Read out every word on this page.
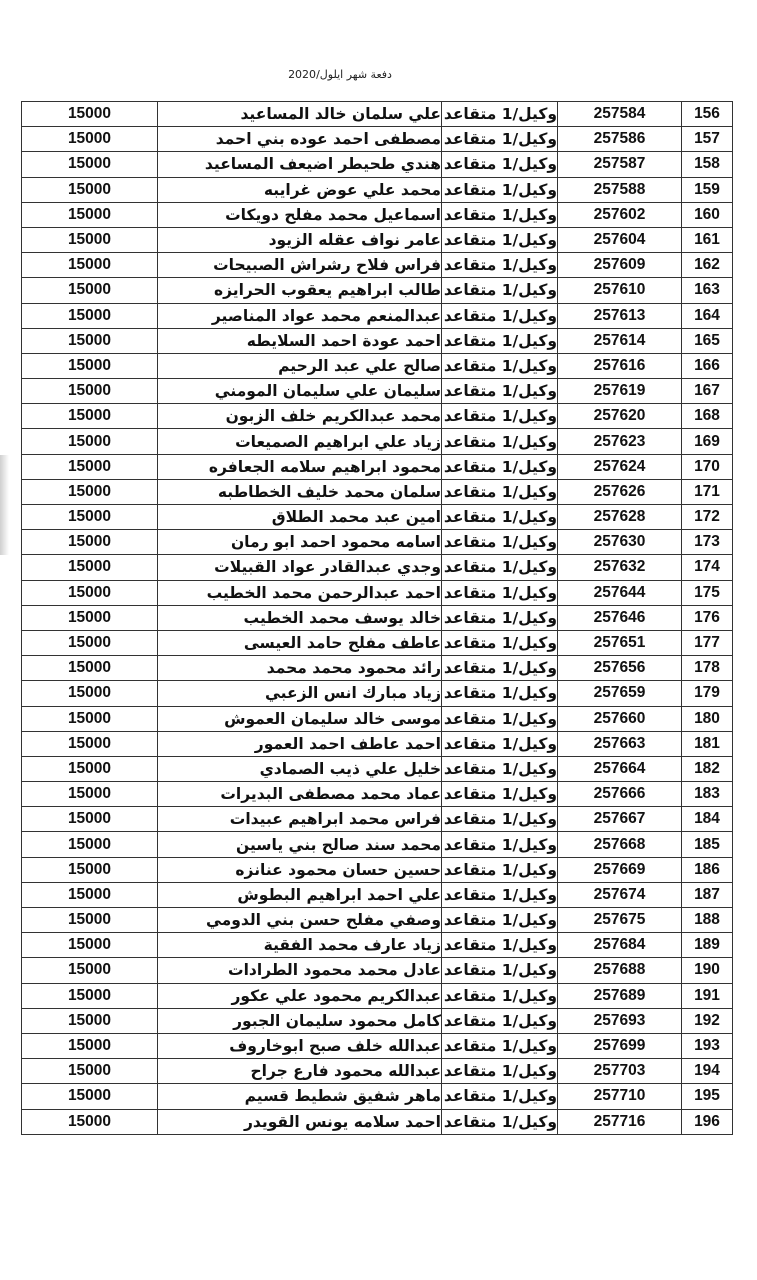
دفعة شهر ايلول/2020
15000	علي سلمان خالد المساعيد	وكيل/1 متقاعد	257584	156
15000	مصطفى احمد عوده بني احمد	وكيل/1 متقاعد	257586	157
15000	هندي طحيطر اضيعف المساعيد	وكيل/1 متقاعد	257587	158
15000	محمد علي عوض غرايبه	وكيل/1 متقاعد	257588	159
15000	اسماعيل محمد مفلح دويكات	وكيل/1 متقاعد	257602	160
15000	عامر نواف عقله الزيود	وكيل/1 متقاعد	257604	161
15000	فراس فلاح رشراش الصبيحات	وكيل/1 متقاعد	257609	162
15000	طالب ابراهيم يعقوب الحرايزه	وكيل/1 متقاعد	257610	163
15000	عبدالمنعم محمد عواد المناصير	وكيل/1 متقاعد	257613	164
15000	احمد عودة احمد السلايطه	وكيل/1 متقاعد	257614	165
15000	صالح علي عبد الرحيم	وكيل/1 متقاعد	257616	166
15000	سليمان علي سليمان المومني	وكيل/1 متقاعد	257619	167
15000	محمد عبدالكريم خلف الزبون	وكيل/1 متقاعد	257620	168
15000	زياد علي ابراهيم الصميعات	وكيل/1 متقاعد	257623	169
15000	محمود ابراهيم سلامه الجعافره	وكيل/1 متقاعد	257624	170
15000	سلمان محمد خليف الخطاطبه	وكيل/1 متقاعد	257626	171
15000	امين عبد محمد الطلاق	وكيل/1 متقاعد	257628	172
15000	اسامه محمود احمد ابو رمان	وكيل/1 متقاعد	257630	173
15000	وجدي عبدالقادر عواد القبيلات	وكيل/1 متقاعد	257632	174
15000	احمد عبدالرحمن محمد الخطيب	وكيل/1 متقاعد	257644	175
15000	خالد يوسف محمد الخطيب	وكيل/1 متقاعد	257646	176
15000	عاطف مفلح حامد العيسى	وكيل/1 متقاعد	257651	177
15000	رائد محمود محمد محمد	وكيل/1 متقاعد	257656	178
15000	زياد مبارك انس الزعبي	وكيل/1 متقاعد	257659	179
15000	موسى خالد سليمان العموش	وكيل/1 متقاعد	257660	180
15000	احمد عاطف احمد العمور	وكيل/1 متقاعد	257663	181
15000	خليل علي ذيب الصمادي	وكيل/1 متقاعد	257664	182
15000	عماد محمد مصطفى البديرات	وكيل/1 متقاعد	257666	183
15000	فراس محمد ابراهيم عبيدات	وكيل/1 متقاعد	257667	184
15000	محمد سند صالح بني ياسين	وكيل/1 متقاعد	257668	185
15000	حسين حسان محمود عنانزه	وكيل/1 متقاعد	257669	186
15000	علي احمد ابراهيم البطوش	وكيل/1 متقاعد	257674	187
15000	وصفي مفلح حسن بني الدومي	وكيل/1 متقاعد	257675	188
15000	زياد عارف محمد الفقية	وكيل/1 متقاعد	257684	189
15000	عادل محمد محمود الطرادات	وكيل/1 متقاعد	257688	190
15000	عبدالكريم محمود علي عكور	وكيل/1 متقاعد	257689	191
15000	كامل محمود سليمان الجبور	وكيل/1 متقاعد	257693	192
15000	عبدالله خلف صبح ابوخاروف	وكيل/1 متقاعد	257699	193
15000	عبدالله محمود فارع جراح	وكيل/1 متقاعد	257703	194
15000	ماهر شفيق شطيط قسيم	وكيل/1 متقاعد	257710	195
15000	احمد سلامه يونس القويدر	وكيل/1 متقاعد	257716	196
